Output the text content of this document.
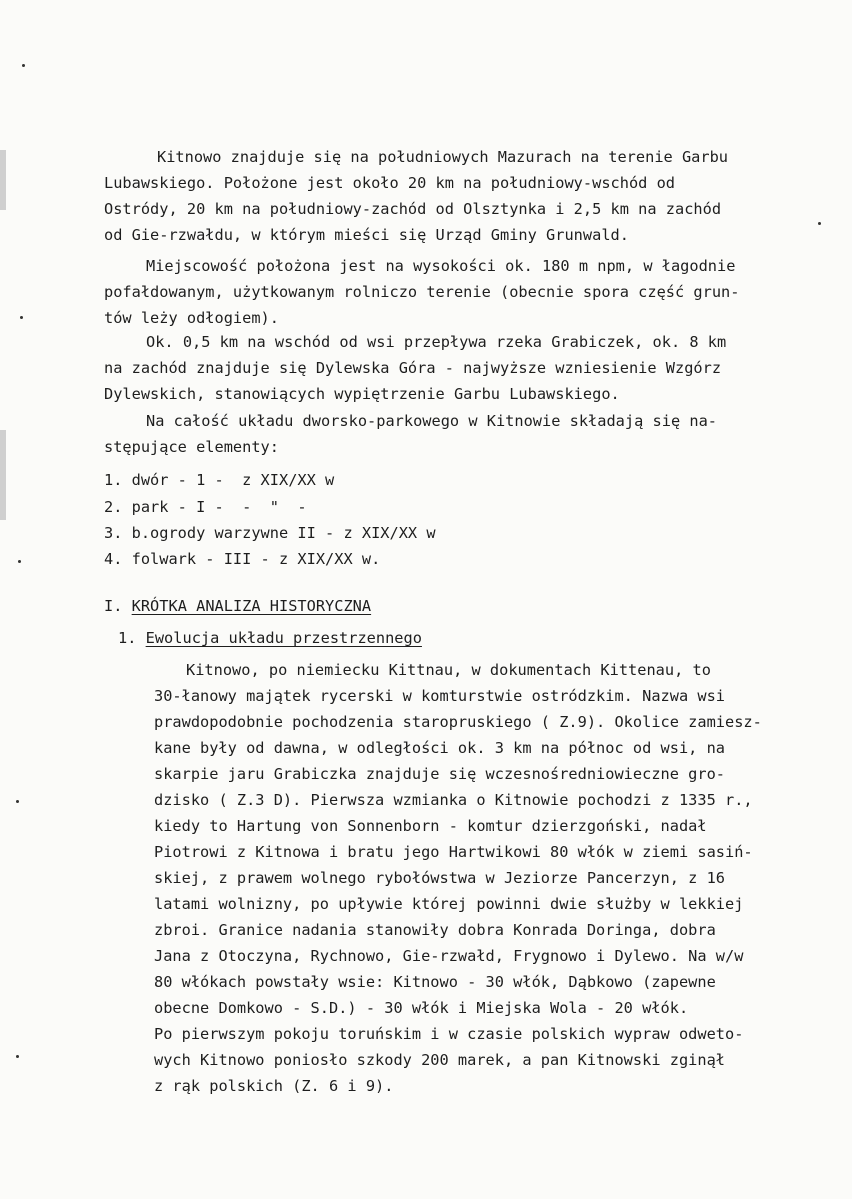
Kitnowo znajduje się na południowych Mazurach na terenie Garbu
Lubawskiego. Położone jest około 20 km na południowy-wschód od
Ostródy, 20 km na południowy-zachód od Olsztynka i 2,5 km na zachód
od Gie-rzwałdu, w którym mieści się Urząd Gminy Grunwald.
Miejscowość położona jest na wysokości ok. 180 m npm, w łagodnie
pofałdowanym, użytkowanym rolniczo terenie (obecnie spora część grun-
tów leży odłogiem).
Ok. 0,5 km na wschód od wsi przepływa rzeka Grabiczek, ok. 8 km
na zachód znajduje się Dylewska Góra - najwyższe wzniesienie Wzgórz
Dylewskich, stanowiących wypiętrzenie Garbu Lubawskiego.
Na całość układu dworsko-parkowego w Kitnowie składają się na-
stępujące elementy:
1. dwór - 1 -  z XIX/XX w
2. park - I -  -  "  -
3. b.ogrody warzywne II - z XIX/XX w
4. folwark - III - z XIX/XX w.
I. KRÓTKA ANALIZA HISTORYCZNA
1. Ewolucja układu przestrzennego
Kitnowo, po niemiecku Kittnau, w dokumentach Kittenau, to
30-łanowy majątek rycerski w komturstwie ostródzkim. Nazwa wsi
prawdopodobnie pochodzenia staropruskiego ( Z.9). Okolice zamiesz-
kane były od dawna, w odległości ok. 3 km na północ od wsi, na
skarpie jaru Grabiczka znajduje się wczesnośredniowieczne gro-
dzisko ( Z.3 D). Pierwsza wzmianka o Kitnowie pochodzi z 1335 r.,
kiedy to Hartung von Sonnenborn - komtur dzierzgoński, nadał
Piotrowi z Kitnowa i bratu jego Hartwikowi 80 włók w ziemi sasiń-
skiej, z prawem wolnego rybołówstwa w Jeziorze Pancerzyn, z 16
latami wolnizny, po upływie której powinni dwie służby w lekkiej
zbroi. Granice nadania stanowiły dobra Konrada Doringa, dobra
Jana z Otoczyna, Rychnowo, Gie-rzwałd, Frygnowo i Dylewo. Na w/w
80 włókach powstały wsie: Kitnowo - 30 włók, Dąbkowo (zapewne
obecne Domkowo - S.D.) - 30 włók i Miejska Wola - 20 włók.
Po pierwszym pokoju toruńskim i w czasie polskich wypraw odweto-
wych Kitnowo poniosło szkody 200 marek, a pan Kitnowski zginął
z rąk polskich (Z. 6 i 9).
